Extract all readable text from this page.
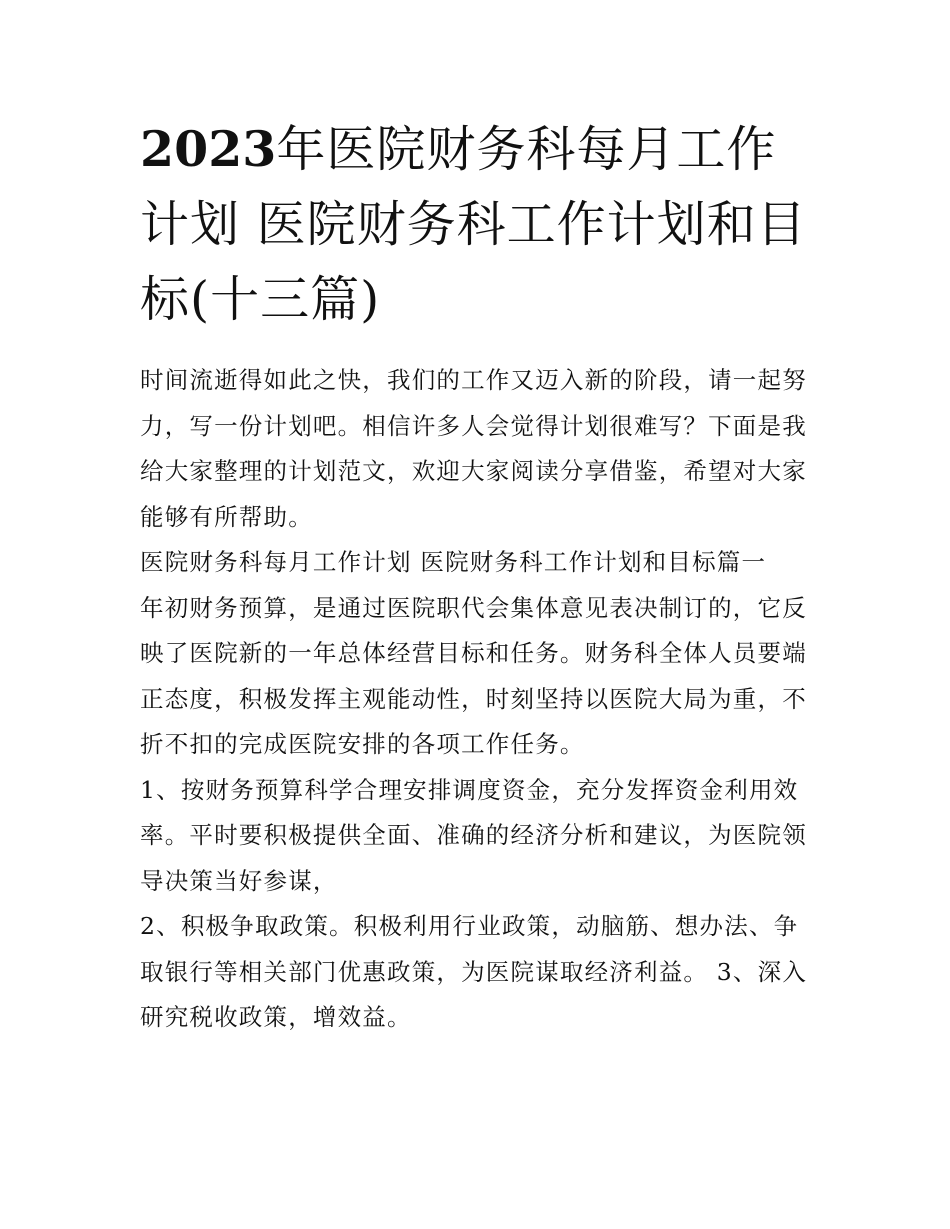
2023年医院财务科每月工作计划 医院财务科工作计划和目标(十三篇)

时间流逝得如此之快，我们的工作又迈入新的阶段，请一起努力，写一份计划吧。相信许多人会觉得计划很难写？下面是我给大家整理的计划范文，欢迎大家阅读分享借鉴，希望对大家能够有所帮助。

医院财务科每月工作计划 医院财务科工作计划和目标篇一

年初财务预算，是通过医院职代会集体意见表决制订的，它反映了医院新的一年总体经营目标和任务。财务科全体人员要端正态度，积极发挥主观能动性，时刻坚持以医院大局为重，不折不扣的完成医院安排的各项工作任务。

1、按财务预算科学合理安排调度资金，充分发挥资金利用效率。平时要积极提供全面、准确的经济分析和建议，为医院领导决策当好参谋，

2、积极争取政策。积极利用行业政策，动脑筋、想办法、争取银行等相关部门优惠政策，为医院谋取经济利益。 3、深入研究税收政策，增效益。
